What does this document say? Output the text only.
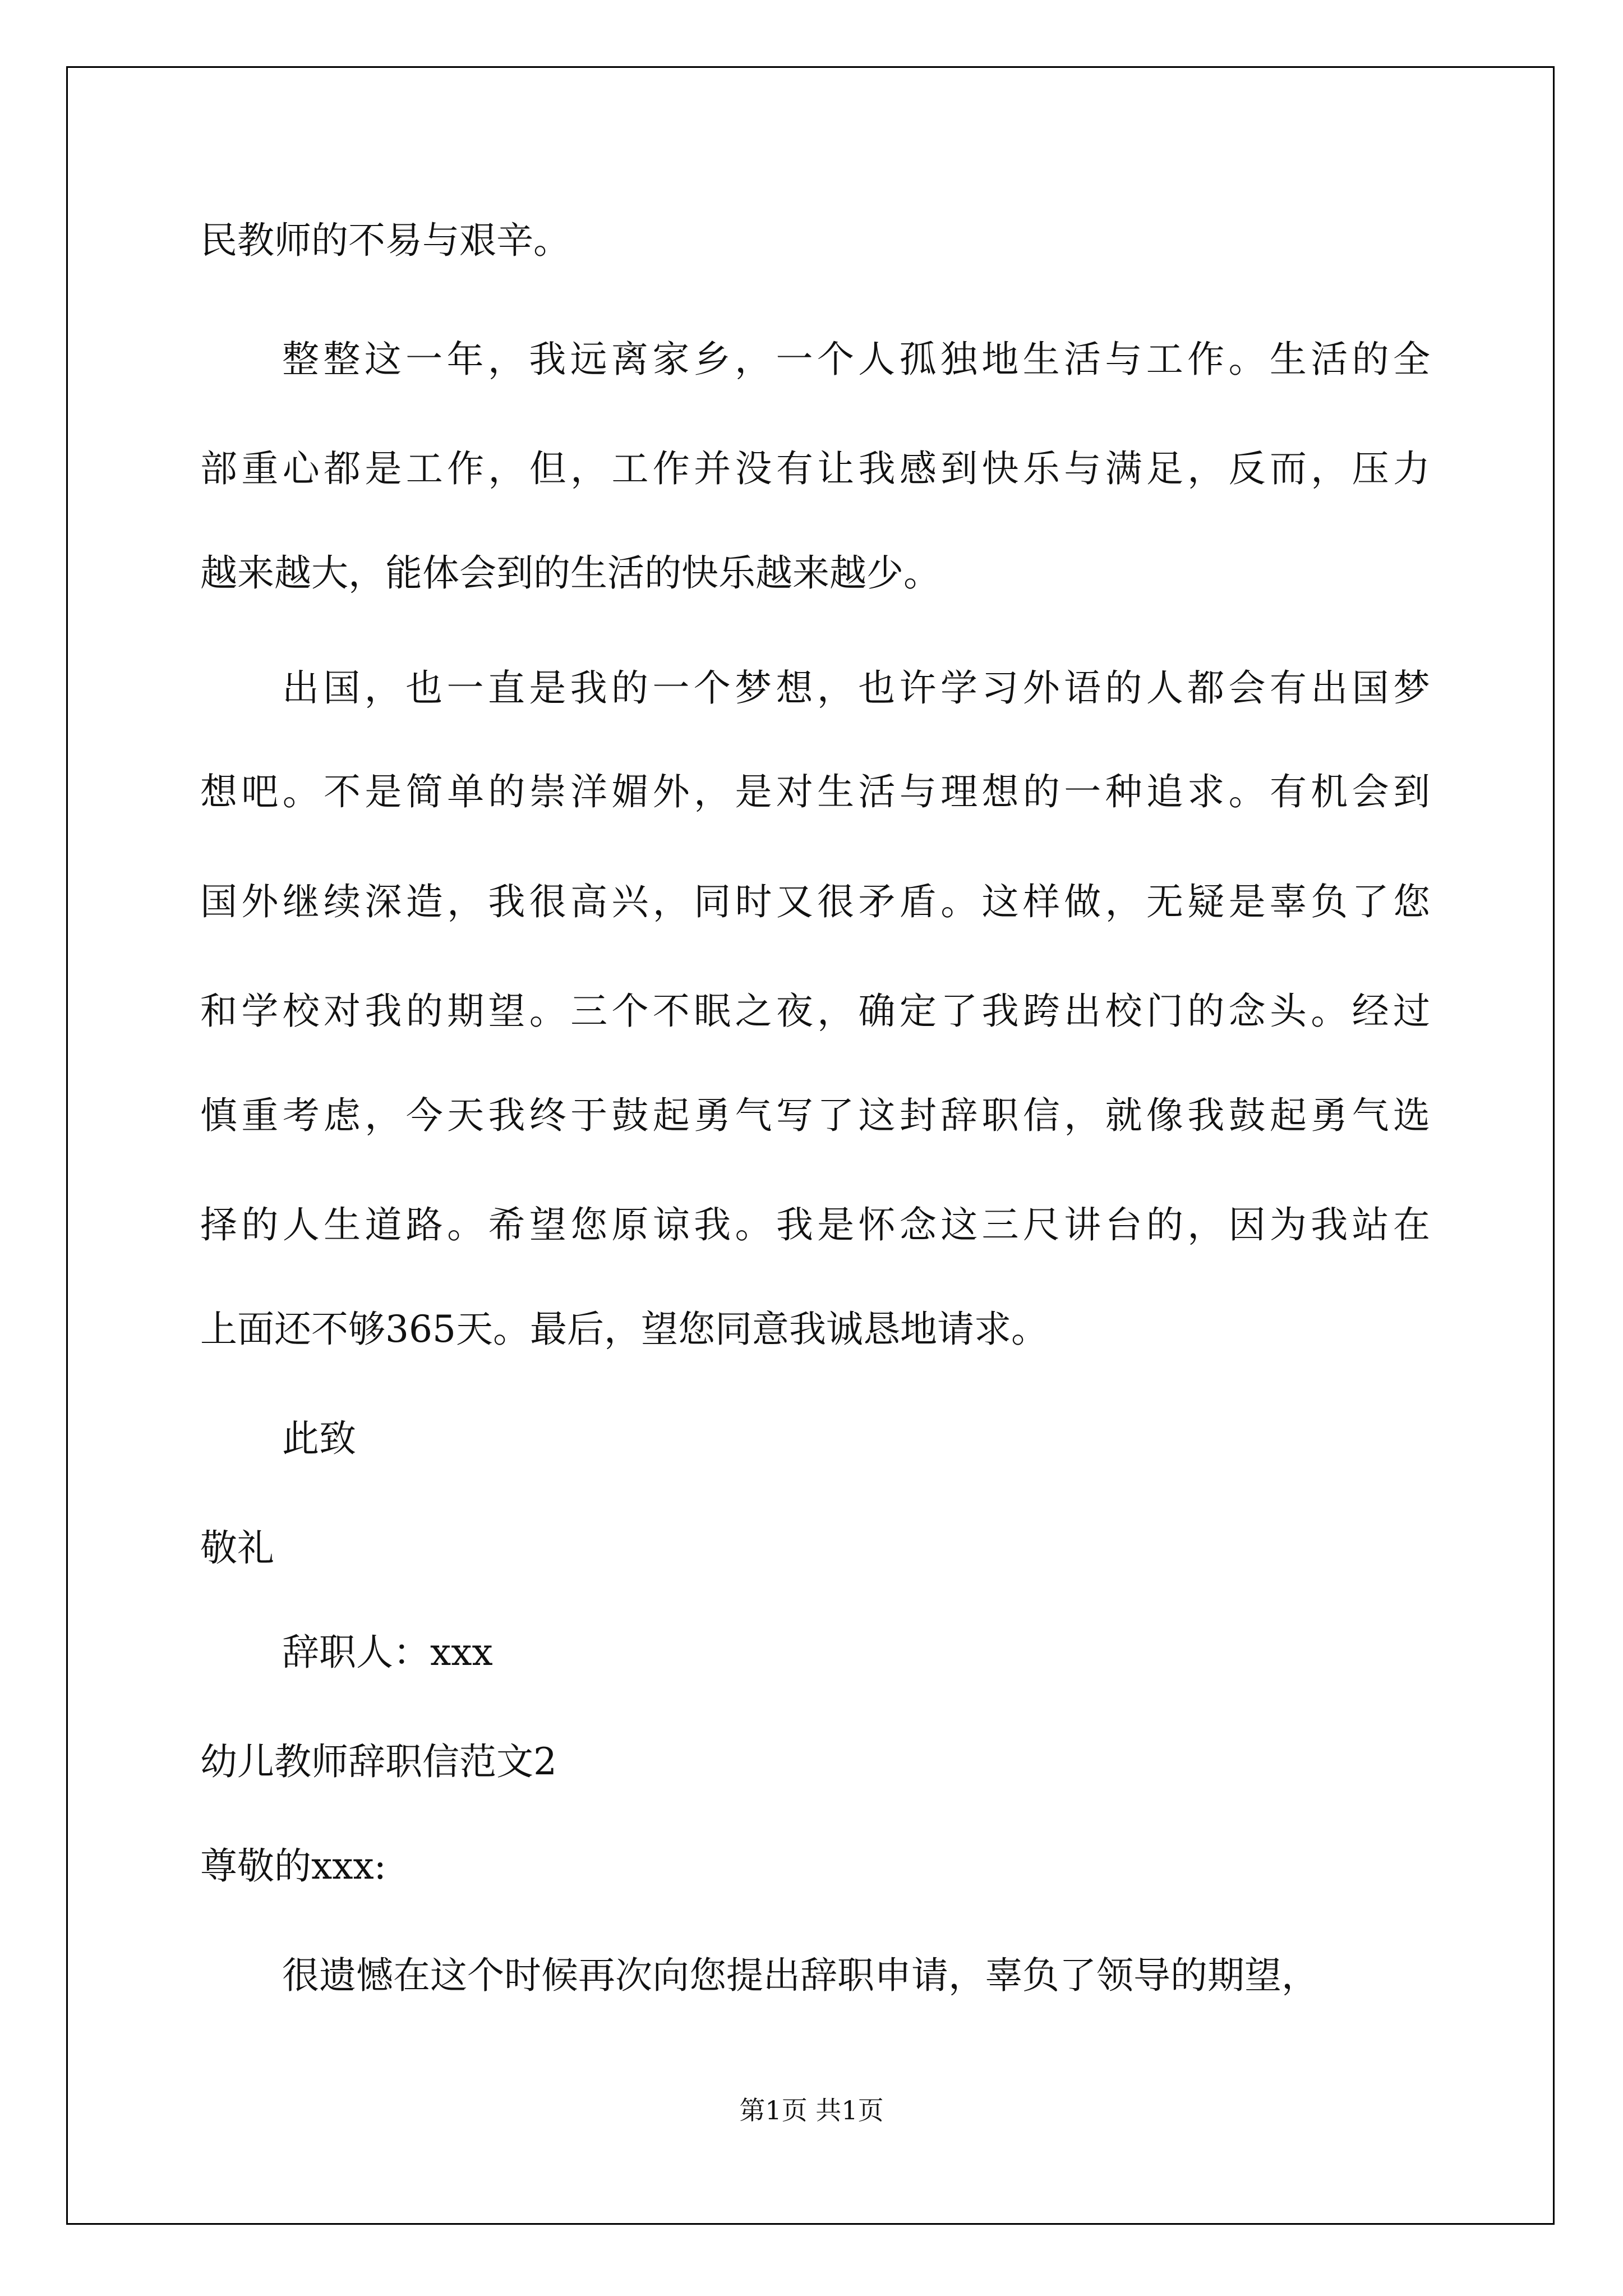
民教师的不易与艰辛。

整整这一年，我远离家乡，一个人孤独地生活与工作。生活的全

部重心都是工作，但，工作并没有让我感到快乐与满足，反而，压力

越来越大，能体会到的生活的快乐越来越少。

出国，也一直是我的一个梦想，也许学习外语的人都会有出国梦

想吧。不是简单的崇洋媚外，是对生活与理想的一种追求。有机会到

国外继续深造，我很高兴，同时又很矛盾。这样做，无疑是辜负了您

和学校对我的期望。三个不眠之夜，确定了我跨出校门的念头。经过

慎重考虑，今天我终于鼓起勇气写了这封辞职信，就像我鼓起勇气选

择的人生道路。希望您原谅我。我是怀念这三尺讲台的，因为我站在

上面还不够365天。最后，望您同意我诚恳地请求。

此致

敬礼

辞职人：xxx

幼儿教师辞职信范文2

尊敬的xxx:

很遗憾在这个时候再次向您提出辞职申请，辜负了领导的期望，

第1页 共1页
